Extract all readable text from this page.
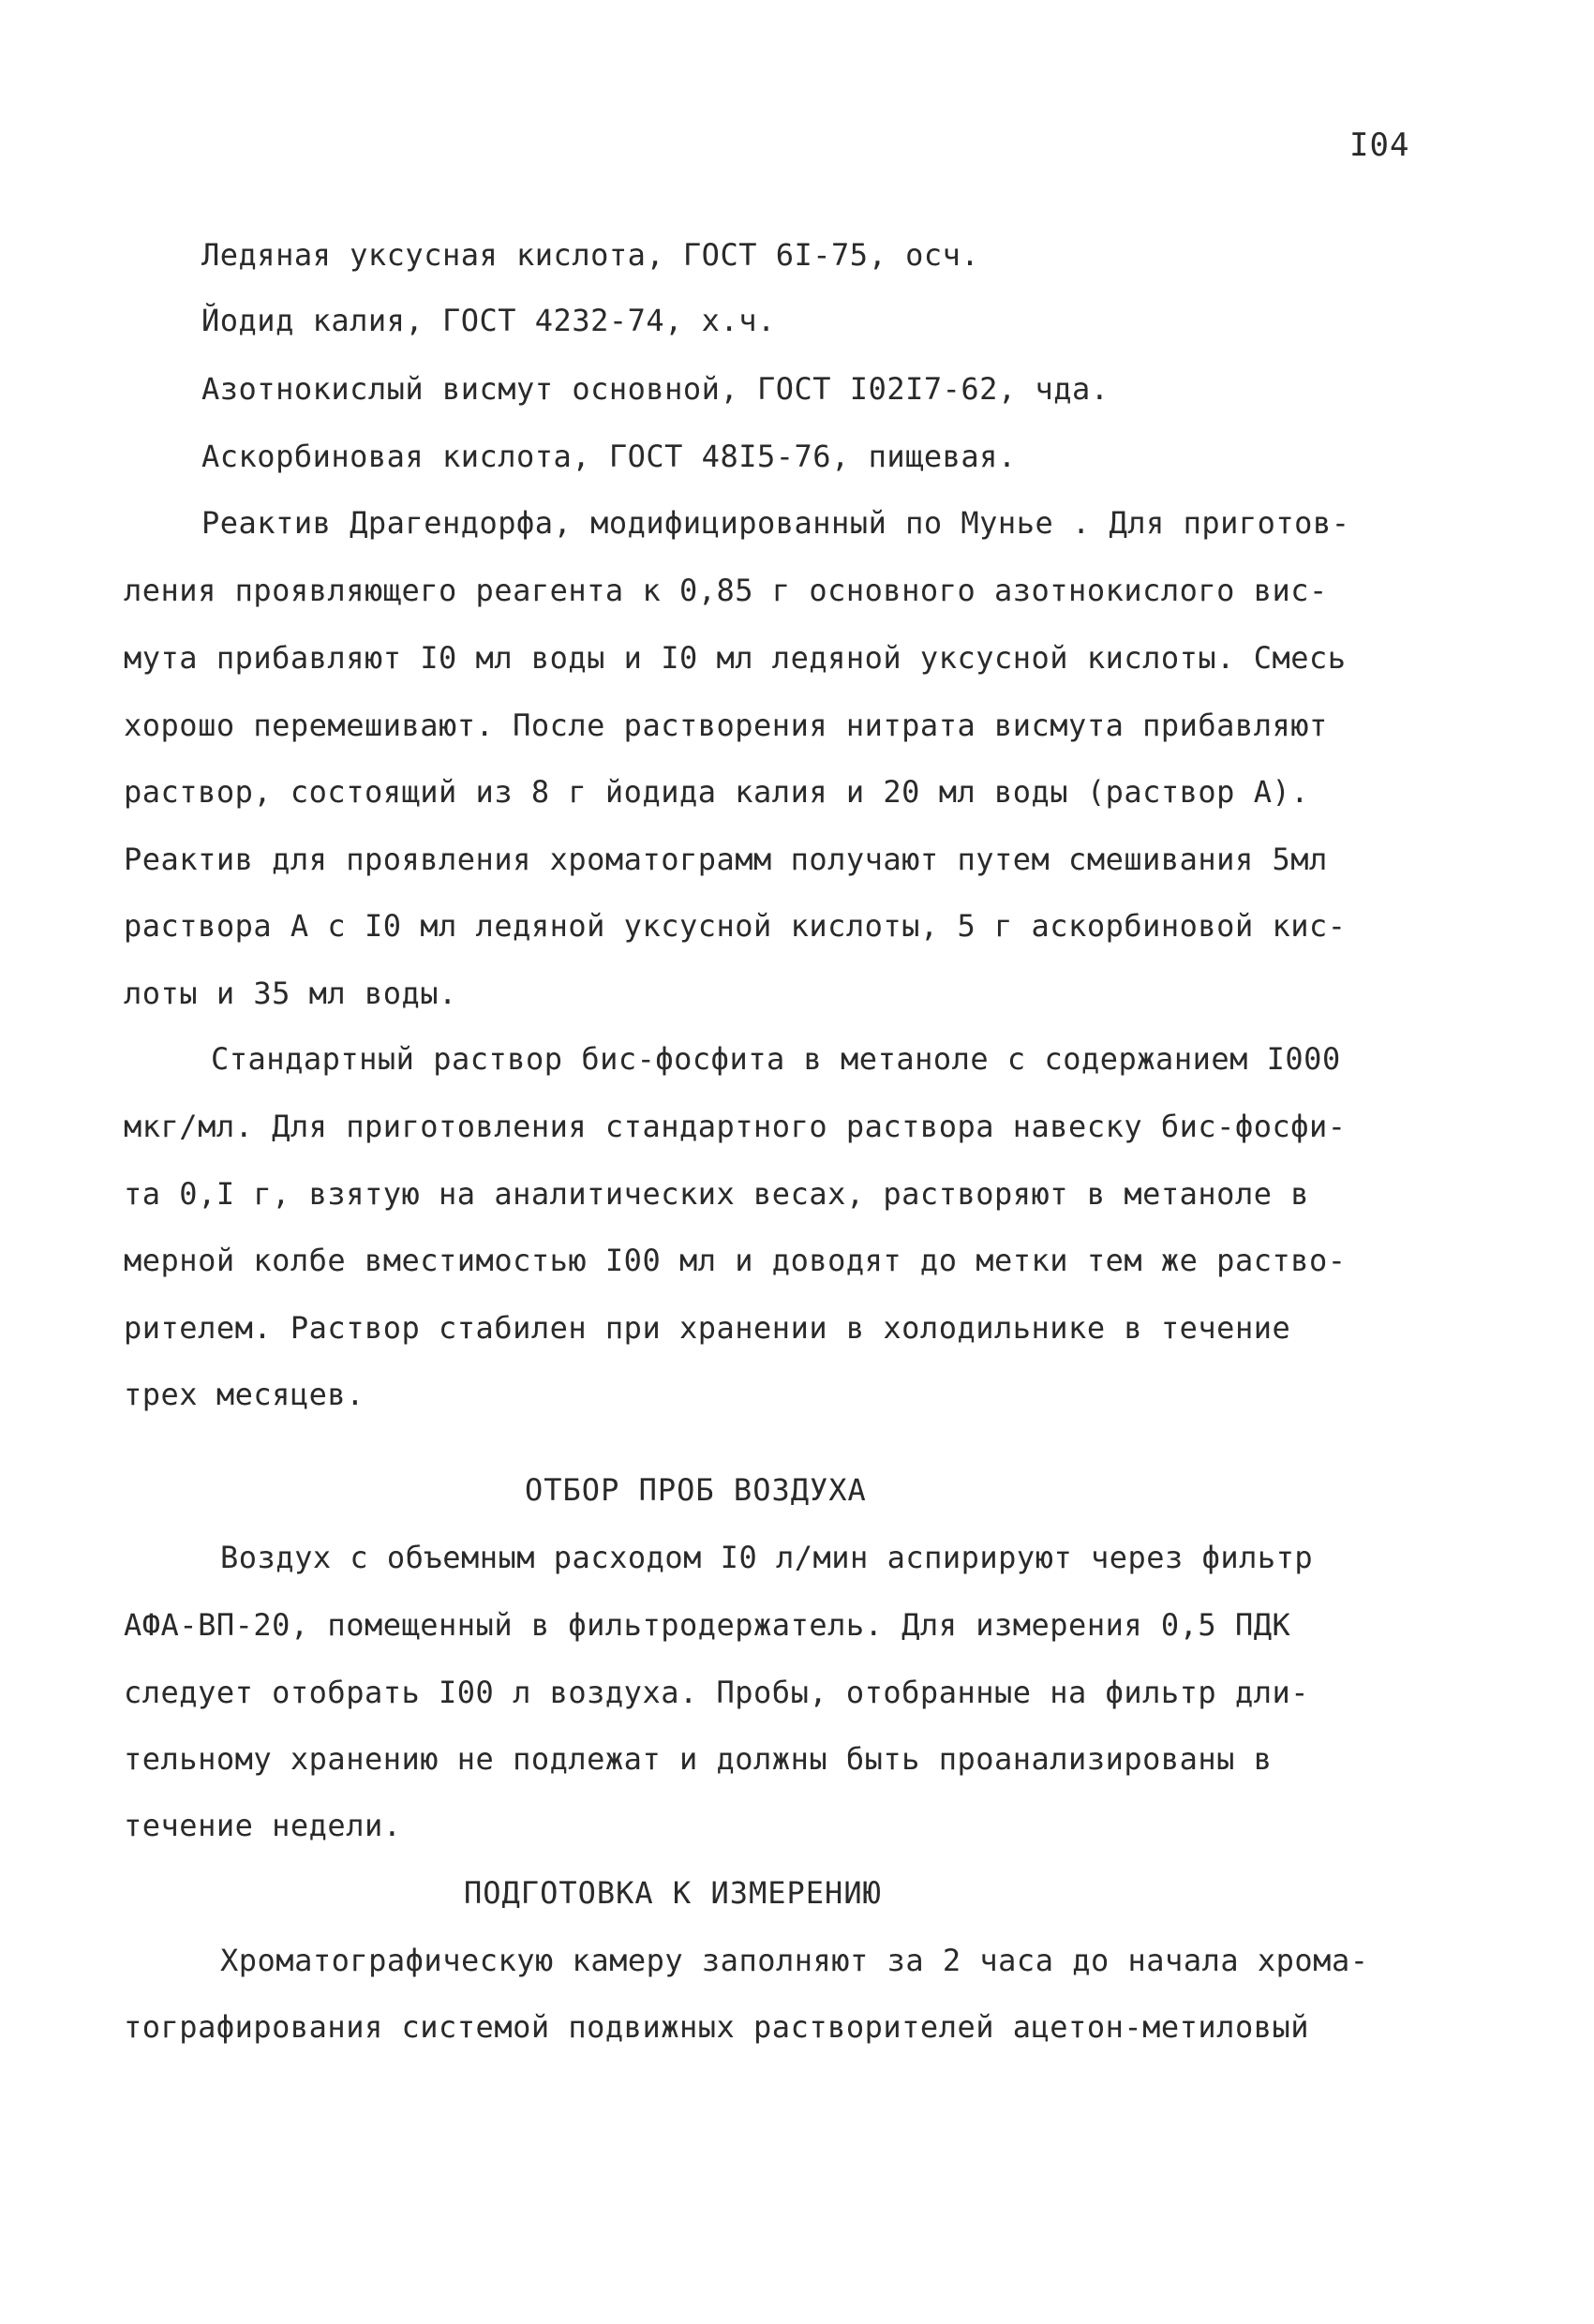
I04
Ледяная уксусная кислота, ГОСТ 6I-75, осч.
Йодид калия, ГОСТ 4232-74, х.ч.
Азотнокислый висмут основной, ГОСТ I02I7-62, чда.
Аскорбиновая кислота, ГОСТ 48I5-76, пищевая.
Реактив Драгендорфа, модифицированный по Мунье . Для приготов-
ления проявляющего реагента к 0,85 г основного азотнокислого вис-
мута прибавляют I0 мл воды и I0 мл ледяной уксусной кислоты. Смесь
хорошо перемешивают. После растворения нитрата висмута прибавляют
раствор, состоящий из 8 г йодида калия и 20 мл воды (раствор А).
Реактив для проявления хроматограмм получают путем смешивания 5мл
раствора А с I0 мл ледяной уксусной кислоты, 5 г аскорбиновой кис-
лоты и 35 мл воды.
Стандартный раствор бис-фосфита в метаноле с содержанием I000
мкг/мл. Для приготовления стандартного раствора навеску бис-фосфи-
та 0,I г, взятую на аналитических весах, растворяют в метаноле в
мерной колбе вместимостью I00 мл и доводят до метки тем же раство-
рителем. Раствор стабилен при хранении в холодильнике в течение
трех месяцев.
ОТБОР ПРОБ ВОЗДУХА
Воздух с объемным расходом I0 л/мин аспирируют через фильтр
АФА-ВП-20, помещенный в фильтродержатель. Для измерения 0,5 ПДК
следует отобрать I00 л воздуха. Пробы, отобранные на фильтр дли-
тельному хранению не подлежат и должны быть проанализированы в
течение недели.
ПОДГОТОВКА К ИЗМЕРЕНИЮ
Хроматографическую камеру заполняют за 2 часа до начала хрома-
тографирования системой подвижных растворителей ацетон-метиловый
